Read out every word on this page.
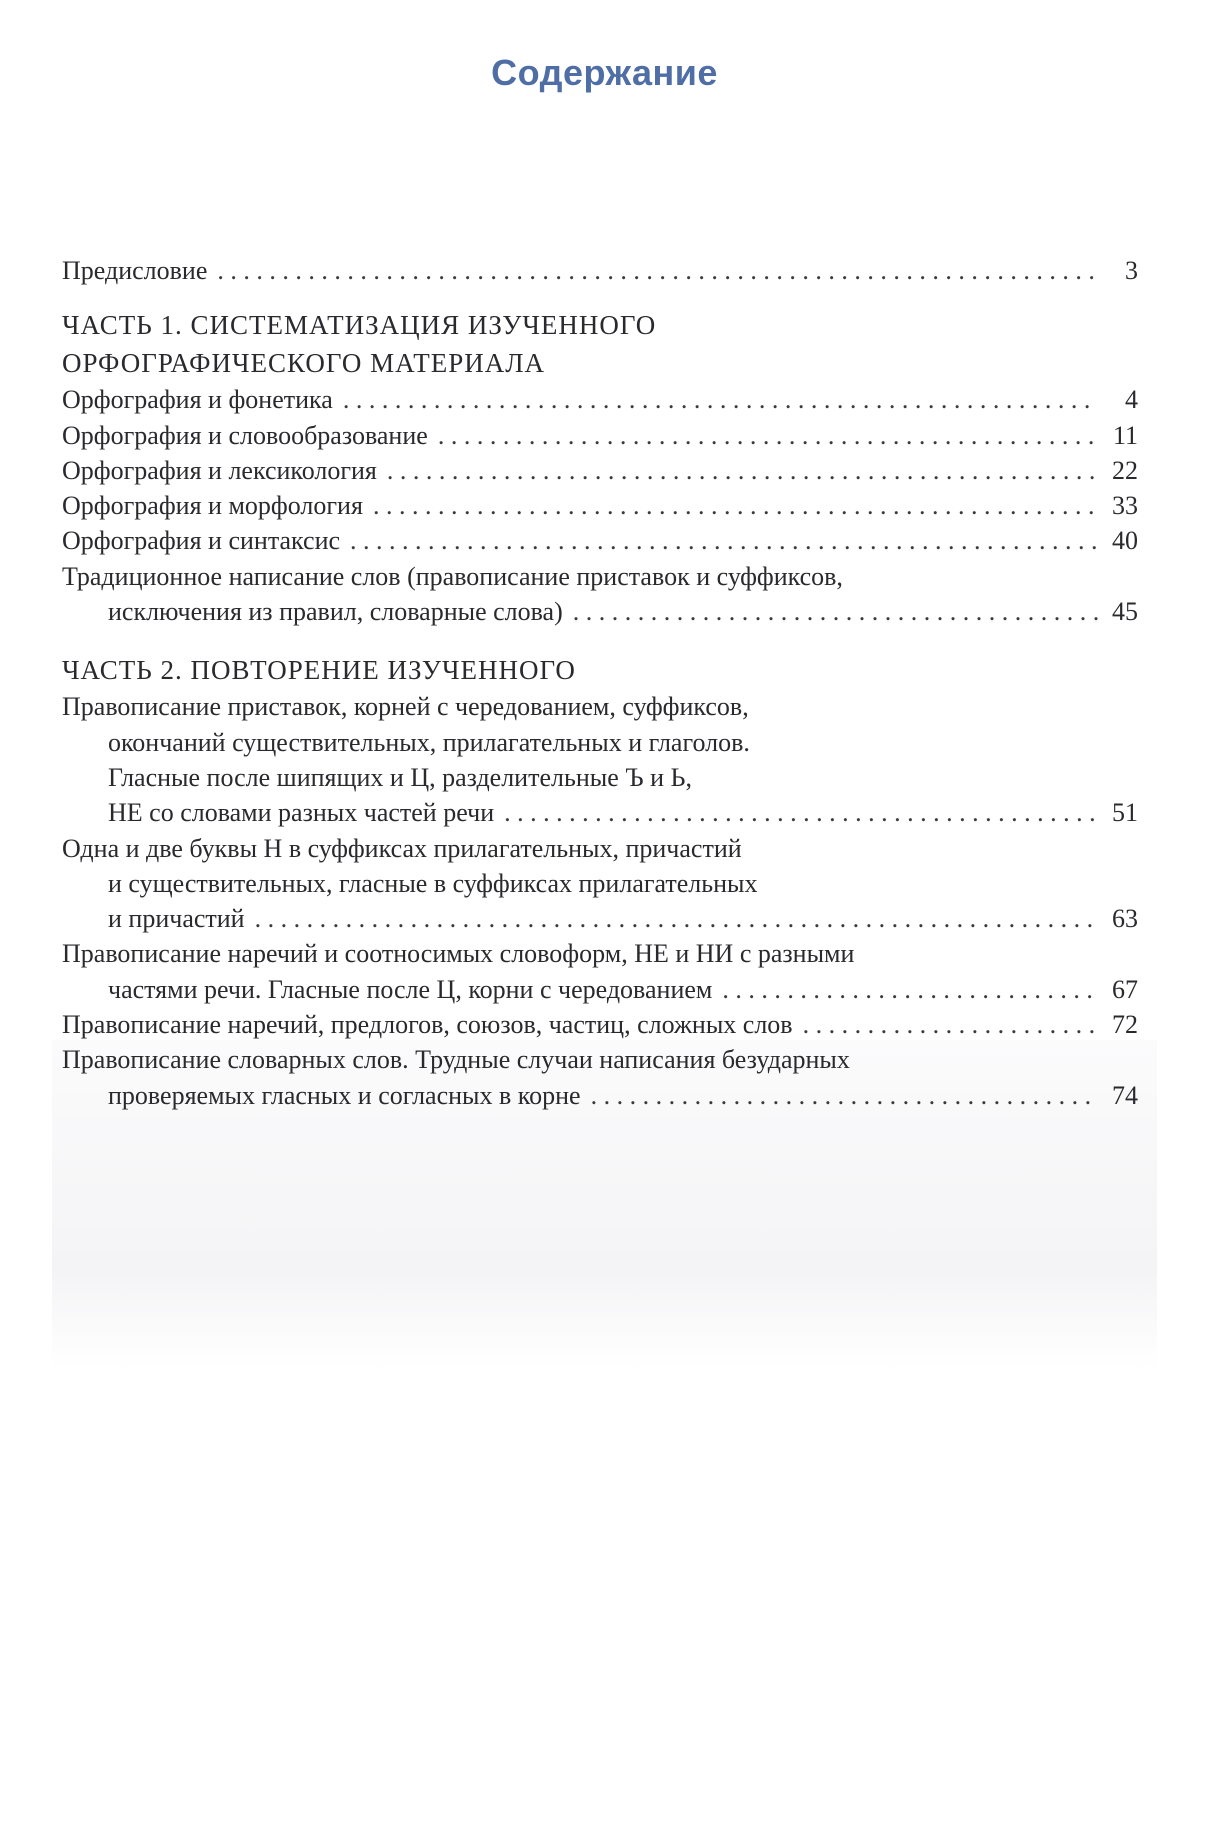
Содержание
Предисловие . . .	3
ЧАСТЬ 1. СИСТЕМАТИЗАЦИЯ ИЗУЧЕННОГО
ОРФОГРАФИЧЕСКОГО МАТЕРИАЛА
Орфография и фонетика . . .	4
Орфография и словообразование . . .	11
Орфография и лексикология . . .	22
Орфография и морфология . . .	33
Орфография и синтаксис . . .	40
Традиционное написание слов (правописание приставок и суффиксов,
исключения из правил, словарные слова) . . .	45
ЧАСТЬ 2. ПОВТОРЕНИЕ ИЗУЧЕННОГО
Правописание приставок, корней с чередованием, суффиксов,
окончаний существительных, прилагательных и глаголов.
Гласные после шипящих и Ц, разделительные Ъ и Ь,
НЕ со словами разных частей речи . . .	51
Одна и две буквы Н в суффиксах прилагательных, причастий
и существительных, гласные в суффиксах прилагательных
и причастий . . .	63
Правописание наречий и соотносимых словоформ, НЕ и НИ с разными
частями речи. Гласные после Ц, корни с чередованием . . .	67
Правописание наречий, предлогов, союзов, частиц, сложных слов . . .	72
Правописание словарных слов. Трудные случаи написания безударных
проверяемых гласных и согласных в корне . . .	74
